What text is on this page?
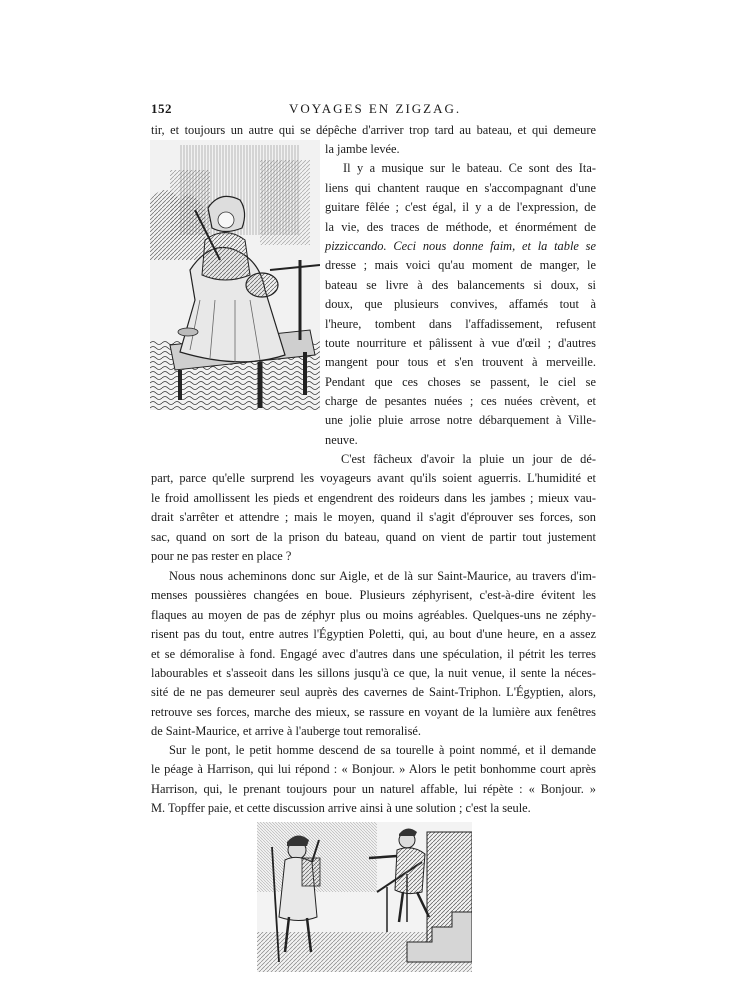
152	VOYAGES EN ZIGZAG.
tir, et toujours un autre qui se dépêche d'arriver trop tard au bateau, et qui demeure
la jambe levée.
Il y a musique sur le bateau. Ce sont des Ita-
liens qui chantent rauque en s'accompagnant d'une
guitare fêlée ; c'est égal, il y a de l'expression, de
la vie, des traces de méthode, et énormément de
pizziccando. Ceci nous donne faim, et la table se
dresse ; mais voici qu'au moment de manger, le
bateau se livre à des balancements si doux, si
doux, que plusieurs convives, affamés tout à
l'heure, tombent dans l'affadissement, refusent
toute nourriture et pâlissent à vue d'œil ; d'autres
mangent pour tous et s'en trouvent à merveille.
Pendant que ces choses se passent, le ciel se
charge de pesantes nuées ; ces nuées crèvent, et
une jolie pluie arrose notre débarquement à Ville-
neuve.
C'est fâcheux d'avoir la pluie un jour de dé-
part, parce qu'elle surprend les voyageurs avant qu'ils soient aguerris. L'humidité et
le froid amollissent les pieds et engendrent des roideurs dans les jambes ; mieux vau-
drait s'arrêter et attendre ; mais le moyen, quand il s'agit d'éprouver ses forces, son
sac, quand on sort de la prison du bateau, quand on vient de partir tout justement
pour ne pas rester en place ?
Nous nous acheminons donc sur Aigle, et de là sur Saint-Maurice, au travers d'im-
menses poussières changées en boue. Plusieurs zéphyrisent, c'est-à-dire évitent les
flaques au moyen de pas de zéphyr plus ou moins agréables. Quelques-uns ne zéphy-
risent pas du tout, entre autres l'Égyptien Poletti, qui, au bout d'une heure, en a assez
et se démoralise à fond. Engagé avec d'autres dans une spéculation, il pétrit les terres
labourables et s'asseoit dans les sillons jusqu'à ce que, la nuit venue, il sente la néces-
sité de ne pas demeurer seul auprès des cavernes de Saint-Triphon. L'Égyptien, alors,
retrouve ses forces, marche des mieux, se rassure en voyant de la lumière aux fenêtres
de Saint-Maurice, et arrive à l'auberge tout remoralisé.
Sur le pont, le petit homme descend de sa tourelle à point nommé, et il demande
le péage à Harrison, qui lui répond : « Bonjour. » Alors le petit bonhomme court après
Harrison, qui, le prenant toujours pour un naturel affable, lui répète : « Bonjour. »
M. Topffer paie, et cette discussion arrive ainsi à une solution ; c'est la seule.
